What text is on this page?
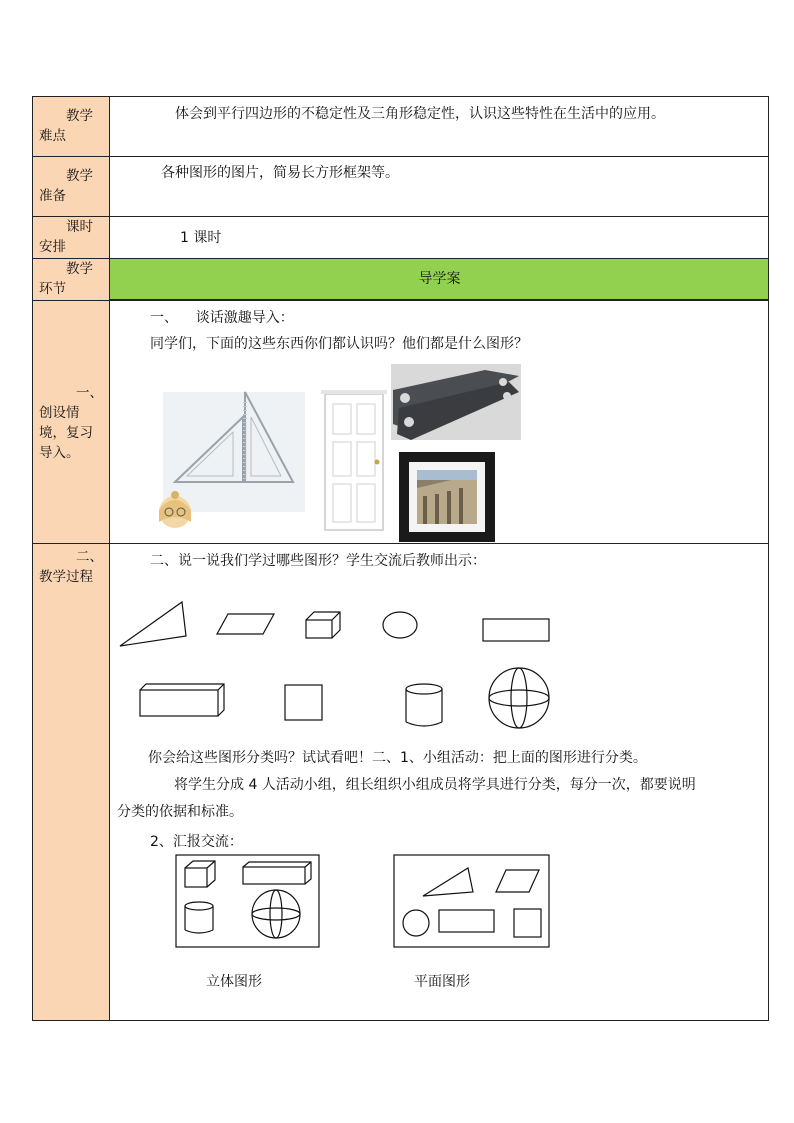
导学案
教学
难点
体会到平行四边形的不稳定性及三角形稳定性，认识这些特性在生活中的应用。
教学
准备
各种图形的图片，简易长方形框架等。
课时
安排
1 课时
教学
环节
一、
创设情
境，复习
导入。
一、    谈话激趣导入：
同学们，下面的这些东西你们都认识吗？他们都是什么图形？
二、
教学过程
二、说一说我们学过哪些图形？学生交流后教师出示：
你会给这些图形分类吗？试试看吧！二、1、小组活动：把上面的图形进行分类。
将学生分成 4 人活动小组，组长组织小组成员将学具进行分类，每分一次，都要说明
分类的依据和标准。
2、汇报交流：
立体图形	平面图形
